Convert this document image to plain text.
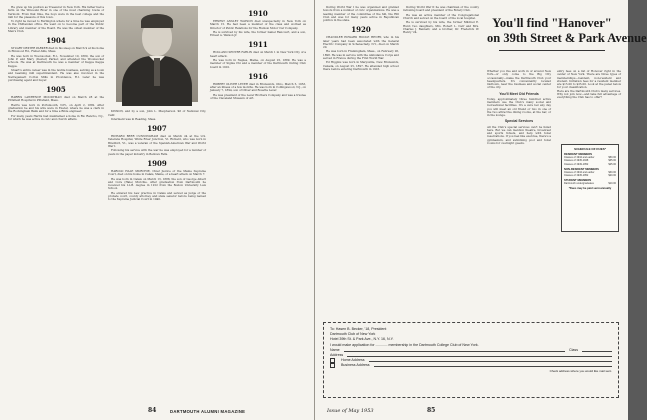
He grew up his position as Treasurer in New York. His father had a farm on the Winooski River in one of the most charming towns of Vermont. From that time, the boys were in the best college and the mill for the pleasure of this town.

To right be moved to Burlington where for a time he was employed in the Chittenden office. He went on to become part of the Public Library and member of the Board. He was the oldest member of the Men's Club.

1904

STUART DEXTER PARKER died in his sleep on March 9 at his home in Elmwood Rd., Fisher-hills, Mass.

He was born in Woonsocket, R.I., November 10, 1880, the son of John P. and Mary (Dexter) Parker, and attended the Woonsocket schools. He was at Dartmouth he was a member of Kappa Kappa Kappa.

Stuart's entire career was in the textile business, serving as a loom and beaming mill superintendent. He was also involved in the Narragansett Cotton Mills in Providence, R.I. Later he was purchasing agent and buyer.

1905

HARRIS LAWRENCE MOODYMAN died on March 28 at the Pittsfield Hospital in Pittsfield, Mass.

Harris was born in Portsmouth, N.H., on April 2, 1882. After graduation he and his wife were in Exeter, where he was a clerk in the Rockingham Bank and for a time a Bible engineer.

For many years Harris had maintained a home in Rio Rancho, N.J., for which he was active in civic and church affairs.

KINSON, and by a son, John L. Macpherson '46 of National City, Calif.

Interment was in Reading, Mass.

1907

RICHARD BEER CUNNINGHAM died on March 24 at the U.S. Veterans Hospital, White River Junction, Vt. Richard, who was born in Bradford, Vt., was a veteran of the Spanish-American War and World War I.

Following his service with the war he was employed for a number of years in the paper industry in Bellows Falls.

1909

HAROLD HALE MURCHIE, Chief Justice of the Maine Supreme Court, died on his home in Calais, Maine, of a heart attack on March 7.

He was born in Calais on March 13, 1888, the son of George Albert and Cora (Hale) Murchie. After graduation from Dartmouth he received his LL.B. degree in 1912 from the Boston University Law School.

He entered his Law practice in Calais and served as judge of the probate court, county attorney and state senator before being named to the Supreme Judicial Court in 1940.

1910

ERNEST ANSLEY WATSON died unexpectedly in New York on March 15. He had been a member of the class and worked as Director of Public Relations for the Hudson Motor Car Company.

He is survived by his wife, the former Isabel Rancourt, and a son, Ernest A. Watson Jr.

1911

HOLLAND SENTER FARLIN died on March 1 in New York City of a heart attack.

He was born in Naples, Maine, on August 25, 1889. He was a member of Sigma Chi and a member of the Dartmouth Outing Club board in 1910.

1916

ROBERT OLIVER LEVER died in Brunswick, Ohio, March 5, 1953, after an illness of a few months. He was born in Collingswood, N.J., on January 7, 1894, son of Oliver and Rosetta Lever.

He was president of the Lever Brothers Company and was a trustee of the Cleveland Museum of Art.

84	DARTMOUTH ALUMNI MAGAZINE

During World War I he was organized and granted honors from a number of civic organizations. He was a leading member of the committee of the hill, the Hill Club and was for many years active in Republican politics in the state.

1920

CHANDLER EDWARD HOOLE HENRY, who in his later years had been associated with the General Electric Company in Schenectady, N.Y., died on March 20.

He was born in Framingham, Mass., on February 26, 1898. He was in service with the Ambulance Corps and served in France during the First World War.

Ed Higgins was born in Marysville, New Brunswick, Canada, on August 25, 1897. He attended high school there before entering Dartmouth in 1916.

During World War II he was chairman of the county rationing board and president of the Rotary Club.

He was an active member of the Congregational Church and served on the board of the local hospital.

He is survived by his wife, the former Mildred E. Hunt; two daughters, Mrs. Robert L. Carr and Mrs. Charles J. Bennett; and a brother, Dr. Frederick W. Henry '24.

You'll find "Hanover"
on 39th Street & Park Avenue

Whether you live and work in or around New York—or only come to the Big City occasionally—make the Dartmouth Club your headquarters. It's conveniently located midtown, near the business and social center of the city.

You'll Meet Old Friends

Today, approximately three hundred active members use the Club's many social and recreational facilities. It's a sure bet any day you will meet an old friend or two in one of the two attractive dining rooms, at the bar, or in the lounge.

Special Services

All the Club's special services can't be listed here. But we can mention theatre, broadcast and sports tickets, and help with hotel reservations. If you feel like exercise, there's a gymnasium, and swimming pool and hotel rooms for overnight guests.

entry fees on a list of Honover right in the center of New York. There are three types of memberships—resident, non-resident and student. Initiation fees for a resident member are $15.00 to $25.00. Look at the panel below for your classification.

Here are the Dartmouth Club's many services. Why not join now—and take full advantage of everything the Club has to offer?

SCHEDULE OF DUES*
RESIDENT MEMBERS
Classes of 1944 and earlier	$50.00
Classes of 1945-1948	$35.00
Classes of 1949-1952	$25.00
NON-RESIDENT MEMBERS
Classes of 1944 and earlier	$30.00
Classes of 1945-1952	$20.00
STUDENT MEMBERS
Dartmouth undergraduates	$10.00
*Dues may be paid semi-annually
To: Hasen B. Becker, '18, President
Dartmouth Club of New York
Hotel 39th St. & Park Ave., N.Y. 16, N.Y.
I would make application for ............ membership in the Dartmouth College Club of New York.
Name	Class
Address
Home Address
Business Address
Check address where you would like mail sent.
Issue of May 1953	85
